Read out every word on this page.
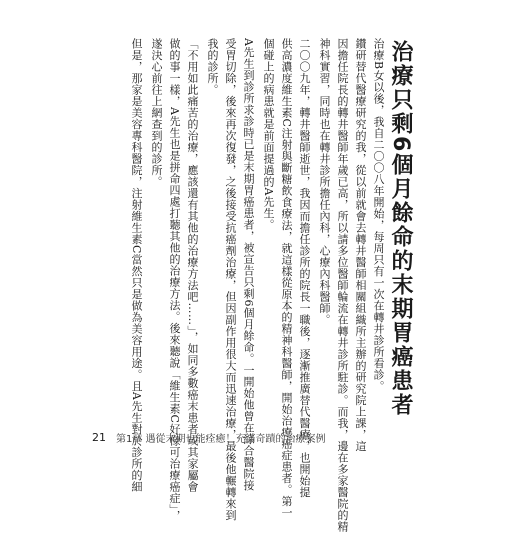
治療只剩6個月餘命的末期胃癌患者
治療B女以後，我自二〇〇八年開始，每周只有一次在轉井診所看診。
鑽研替代醫療研究的我，從以前就會去轉井醫師相關組織所主辦的研究院上課，這
因擔任院長的轉井醫師年歲已高，所以請多位醫師輪流在轉井診所駐診。而我，邊在多家醫院的精
神科實習，同時也在轉井診所擔任內科，心療內科醫師。
二〇〇九年，轉井醫師逝世，我因而擔任診所的院長一職後，逐漸推廣替代醫療，也開始提
供高濃度維生素C注射與斷糖飲食療法，就這樣從原本的精神科醫師，開始治療癌症患者。第一
個碰上的病患就是前面提過的A先生。
A先生到診所求診時已是末期胃癌患者，被宣告只剩6個月餘命。一開始他曾在綜合醫院接
受胃切除，後來再次復發，之後接受抗癌劑治療，但因副作用很大而迅速治療，最後他輾轉來到
我的診所。
「不用如此痛苦的治療，應該還有其他的治療方法吧……」，如同多數癌末患者或其家屬會
做的事一樣，A先生也是拼命四處打聽其他的治療方法。後來聽說「維生素C好像可治療癌症」，
遂決心前往上網查到的診所。
但是，那家是美容專科醫院，注射維生素C當然只是做為美容用途。且A先生對於診所的細
21 第1章 遇從末期也能痊癒！充滿奇蹟的治療案例
